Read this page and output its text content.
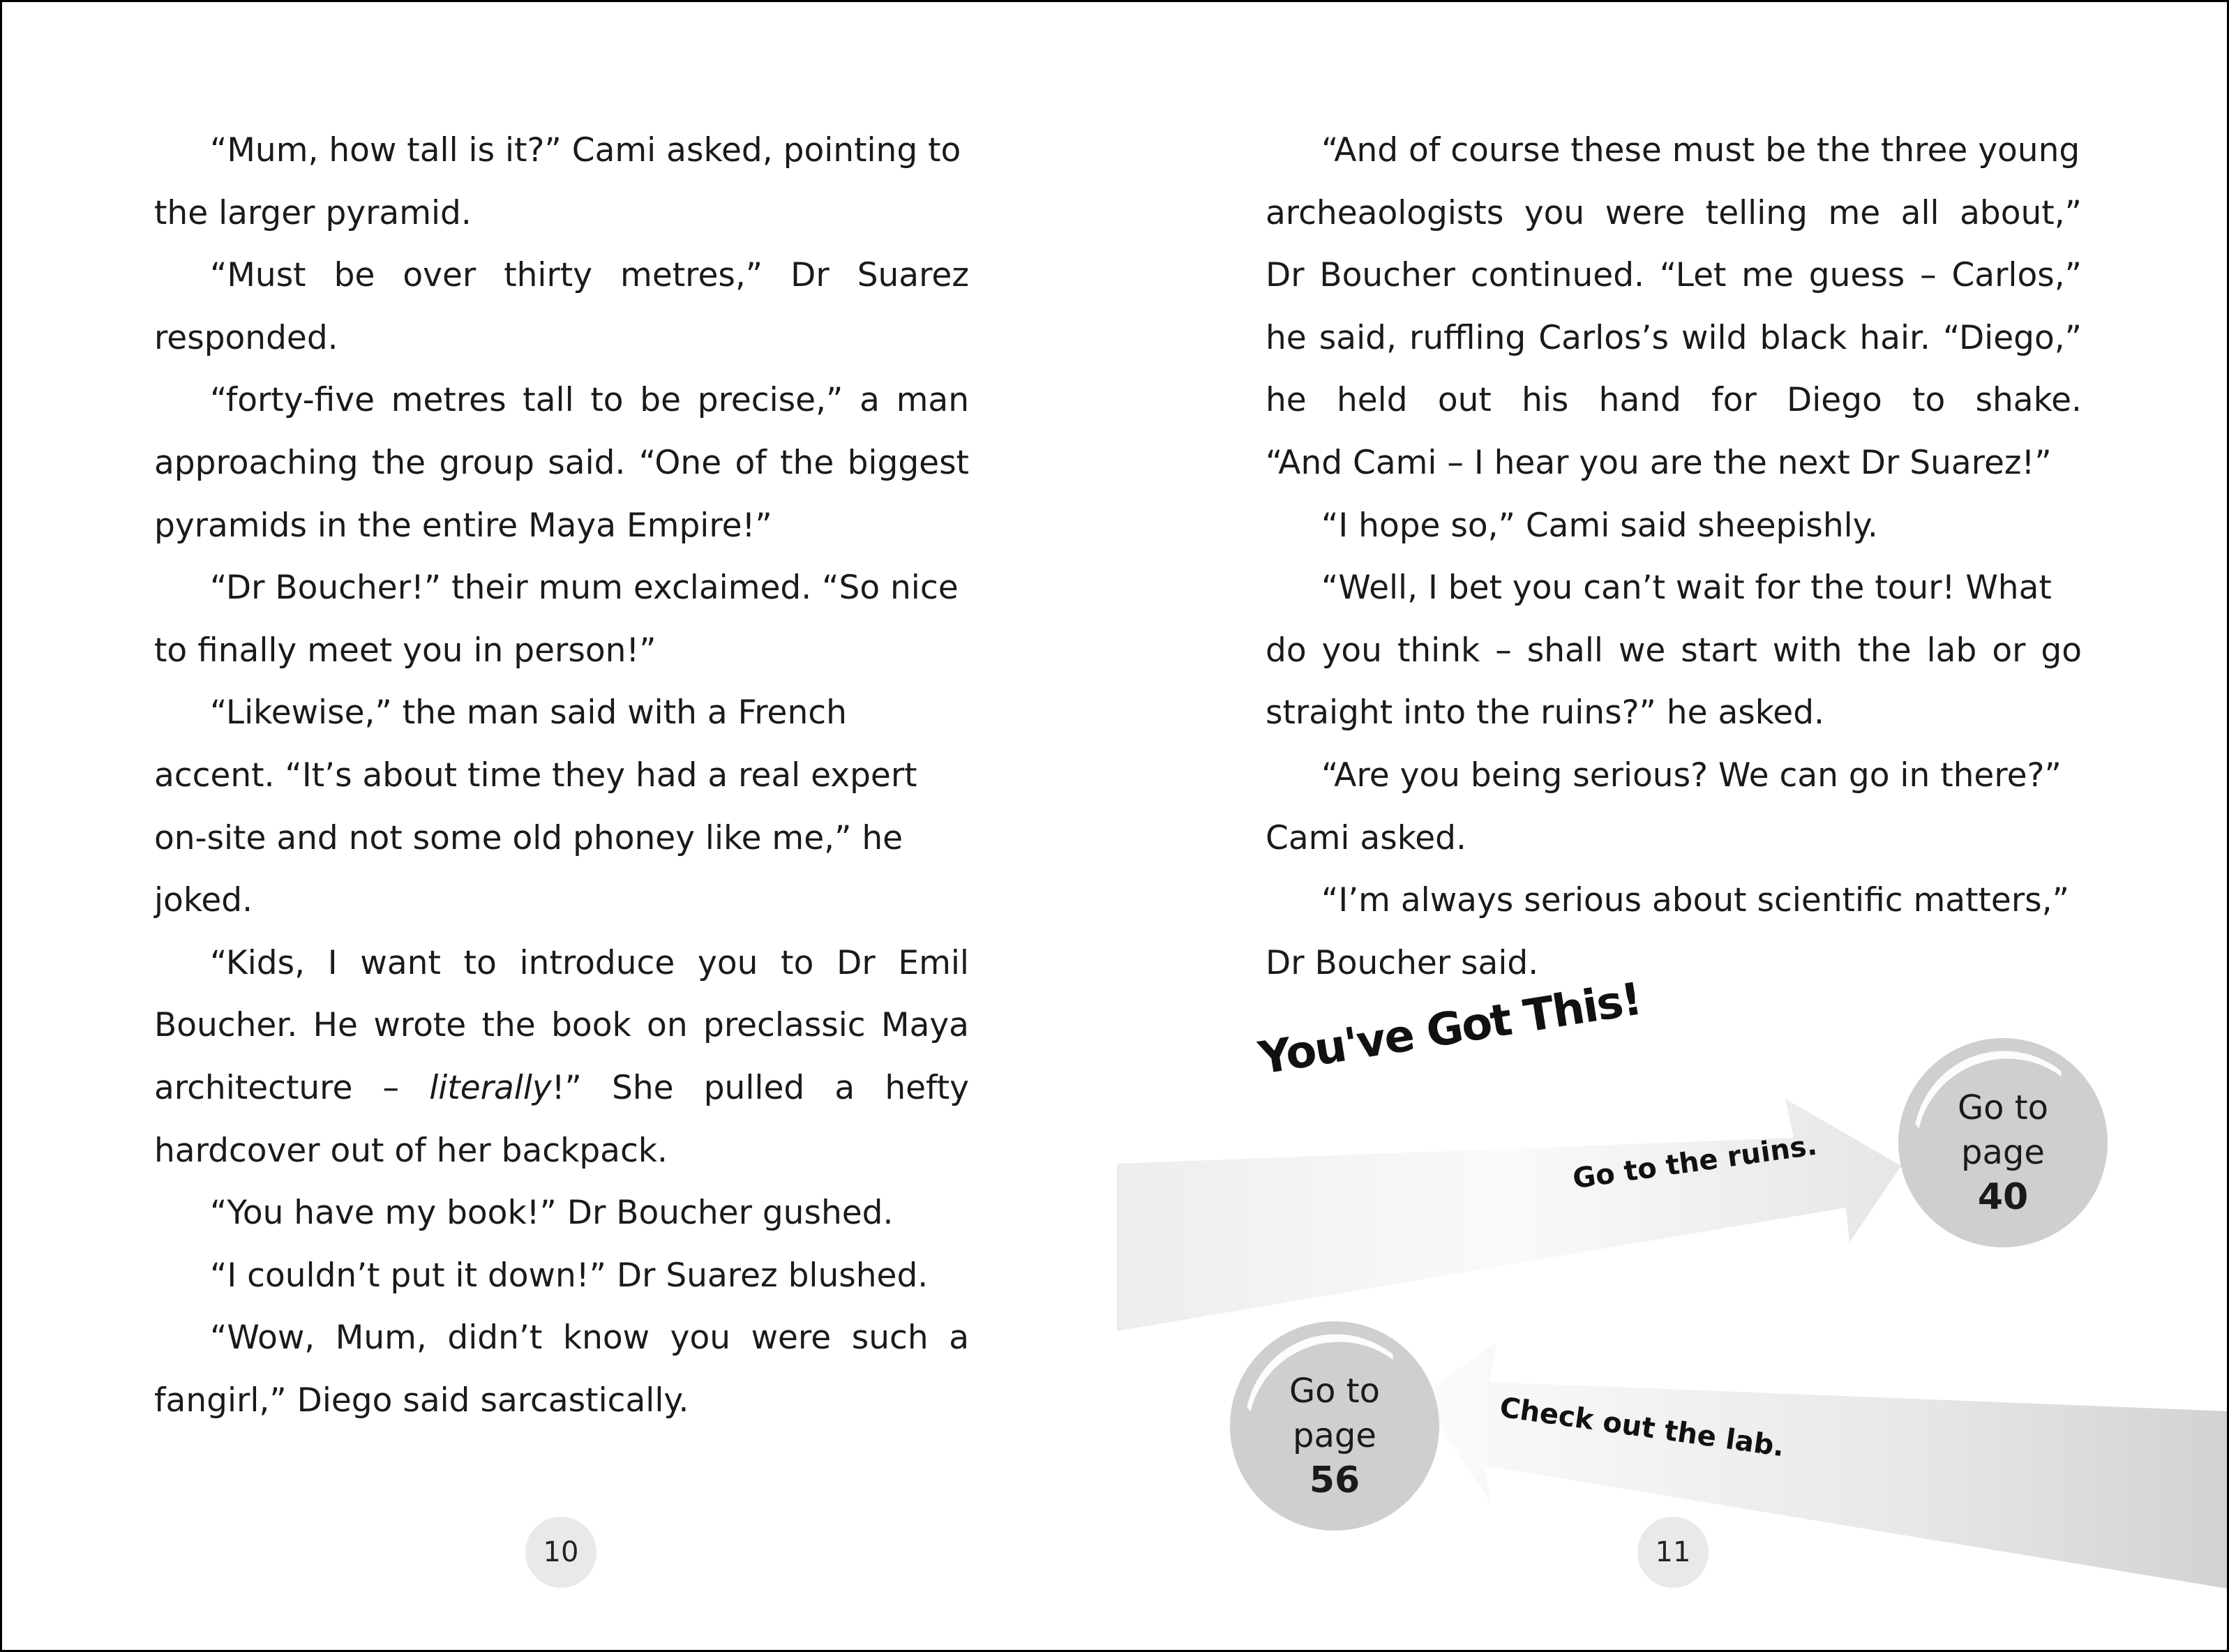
“Mum, how tall is it?” Cami asked, pointing to the larger pyramid.

“Must be over thirty metres,” Dr Suarez responded.

“forty-five metres tall to be precise,” a man approaching the group said. “One of the biggest pyramids in the entire Maya Empire!”

“Dr Boucher!” their mum exclaimed. “So nice to finally meet you in person!”

“Likewise,” the man said with a French accent. “It’s about time they had a real expert on-site and not some old phoney like me,” he joked.

“Kids, I want to introduce you to Dr Emil Boucher. He wrote the book on preclassic Maya architecture – literally!” She pulled a hefty hardcover out of her backpack.

“You have my book!” Dr Boucher gushed.

“I couldn’t put it down!” Dr Suarez blushed.

“Wow, Mum, didn’t know you were such a fangirl,” Diego said sarcastically.

10

“And of course these must be the three young

archeaologists you were telling me all about,”

Dr Boucher continued. “Let me guess – Carlos,”

he said, ruffling Carlos’s wild black hair. “Diego,”

he held out his hand for Diego to shake.

“And Cami – I hear you are the next Dr Suarez!”

“I hope so,” Cami said sheepishly.

“Well, I bet you can’t wait for the tour! What

do you think – shall we start with the lab or go

straight into the ruins?” he asked.

“Are you being serious? We can go in there?”

Cami asked.

“I’m always serious about scientific matters,”

Dr Boucher said.

11
You've Got This!
Go to the ruins.
Check out the lab.
Go to
page
40
Go to
page
56
